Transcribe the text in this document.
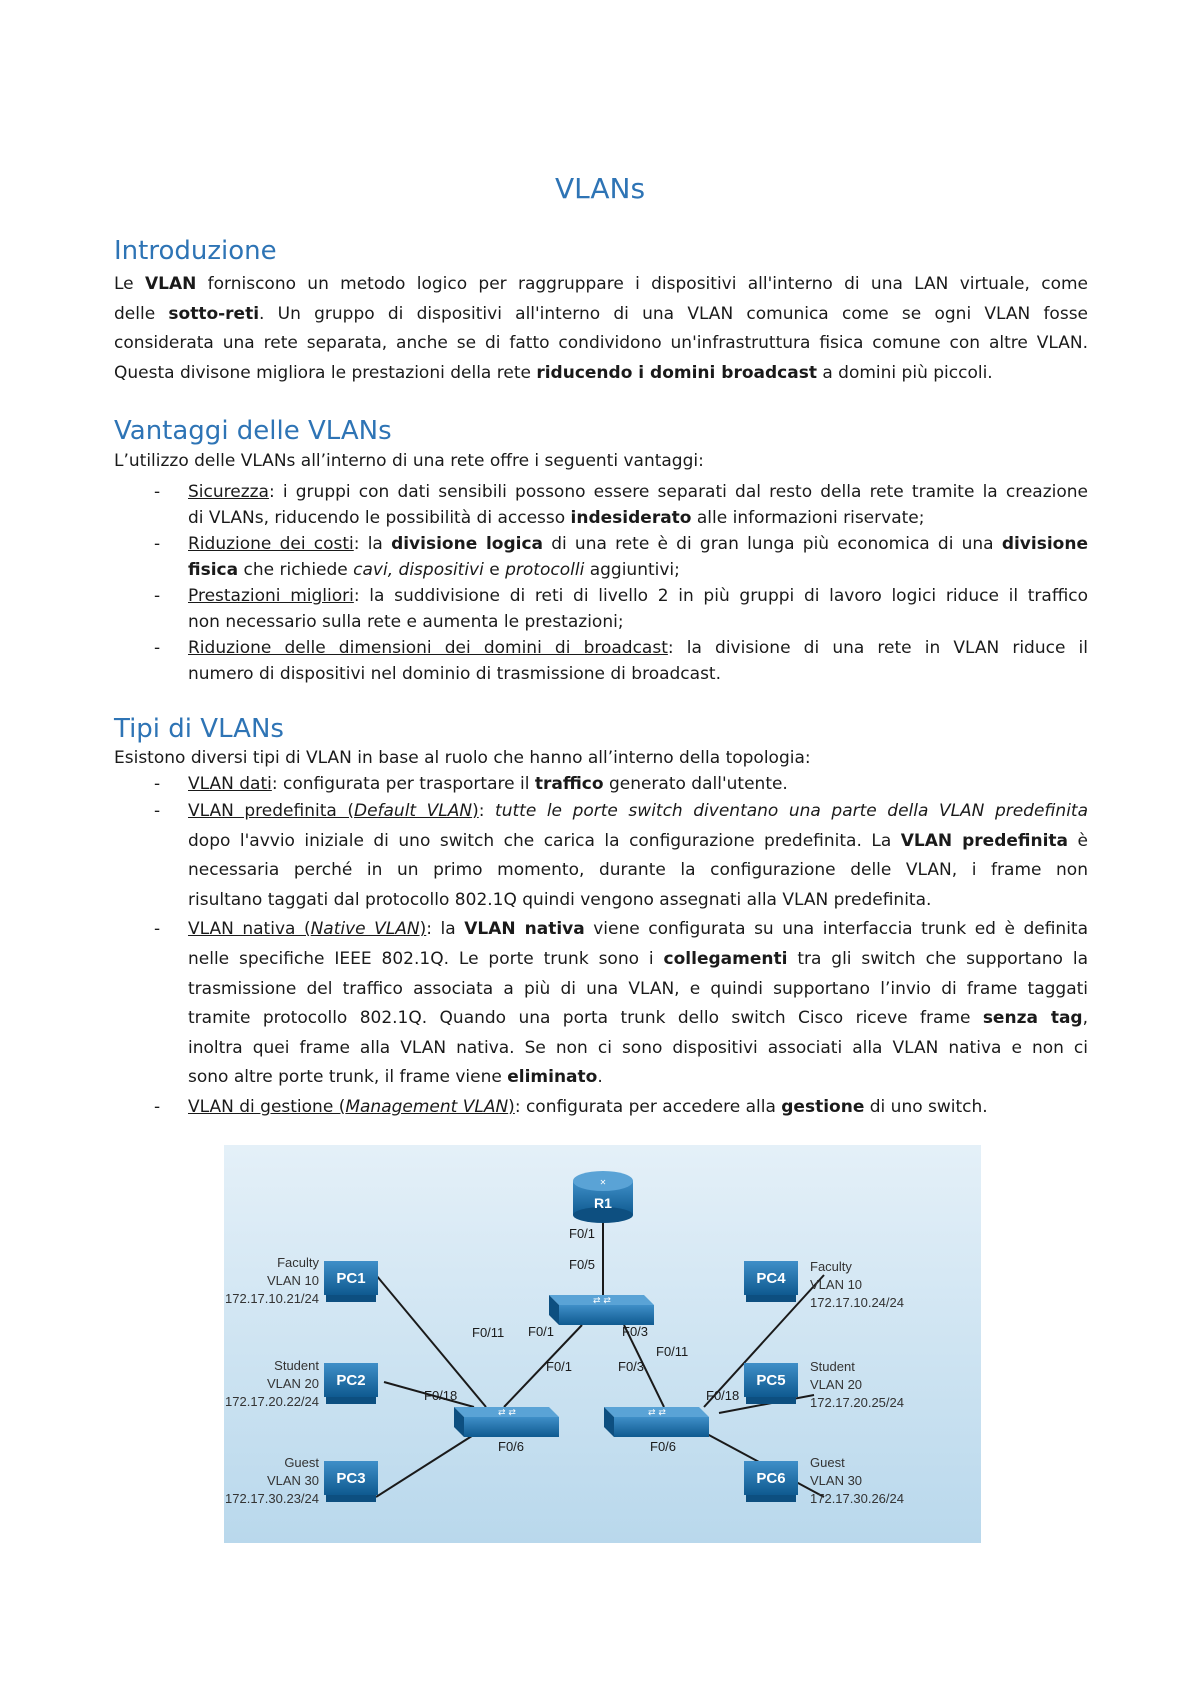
VLANs
Introduzione
Le VLAN forniscono un metodo logico per raggruppare i dispositivi all'interno di una LAN virtuale, come
delle sotto-reti. Un gruppo di dispositivi all'interno di una VLAN comunica come se ogni VLAN fosse
considerata una rete separata, anche se di fatto condividono un'infrastruttura fisica comune con altre VLAN.
Questa divisone migliora le prestazioni della rete riducendo i domini broadcast a domini più piccoli.
Vantaggi delle VLANs
L’utilizzo delle VLANs all’interno di una rete offre i seguenti vantaggi:
- Sicurezza: i gruppi con dati sensibili possono essere separati dal resto della rete tramite la creazione
di VLANs, riducendo le possibilità di accesso indesiderato alle informazioni riservate;
- Riduzione dei costi: la divisione logica di una rete è di gran lunga più economica di una divisione
fisica che richiede cavi, dispositivi e protocolli aggiuntivi;
- Prestazioni migliori: la suddivisione di reti di livello 2 in più gruppi di lavoro logici riduce il traffico
non necessario sulla rete e aumenta le prestazioni;
- Riduzione delle dimensioni dei domini di broadcast: la divisione di una rete in VLAN riduce il
numero di dispositivi nel dominio di trasmissione di broadcast.
Tipi di VLANs
Esistono diversi tipi di VLAN in base al ruolo che hanno all’interno della topologia:
- VLAN dati: configurata per trasportare il traffico generato dall'utente.
- VLAN predefinita (Default VLAN): tutte le porte switch diventano una parte della VLAN predefinita
dopo l'avvio iniziale di uno switch che carica la configurazione predefinita. La VLAN predefinita è
necessaria perché in un primo momento, durante la configurazione delle VLAN, i frame non
risultano taggati dal protocollo 802.1Q quindi vengono assegnati alla VLAN predefinita.
- VLAN nativa (Native VLAN): la VLAN nativa viene configurata su una interfaccia trunk ed è definita
nelle specifiche IEEE 802.1Q. Le porte trunk sono i collegamenti tra gli switch che supportano la
trasmissione del traffico associata a più di una VLAN, e quindi supportano l’invio di frame taggati
tramite protocollo 802.1Q. Quando una porta trunk dello switch Cisco riceve frame senza tag,
inoltra quei frame alla VLAN nativa. Se non ci sono dispositivi associati alla VLAN nativa e non ci
sono altre porte trunk, il frame viene eliminato.
- VLAN di gestione (Management VLAN): configurata per accedere alla gestione di uno switch.
✕
R1
⇄ ⇄
⇄ ⇄	⇄ ⇄
F0/1
F0/5
F0/1	F0/3
F0/1	F0/3
F0/11
F0/18
F0/6
F0/11
F0/18
F0/6
PC1
PC2
PC3
PC4
PC5
PC6
Faculty
VLAN 10
172.17.10.21/24
Student
VLAN 20
172.17.20.22/24
Guest
VLAN 30
172.17.30.23/24
Faculty
VLAN 10
172.17.10.24/24
Student
VLAN 20
172.17.20.25/24
Guest
VLAN 30
172.17.30.26/24
